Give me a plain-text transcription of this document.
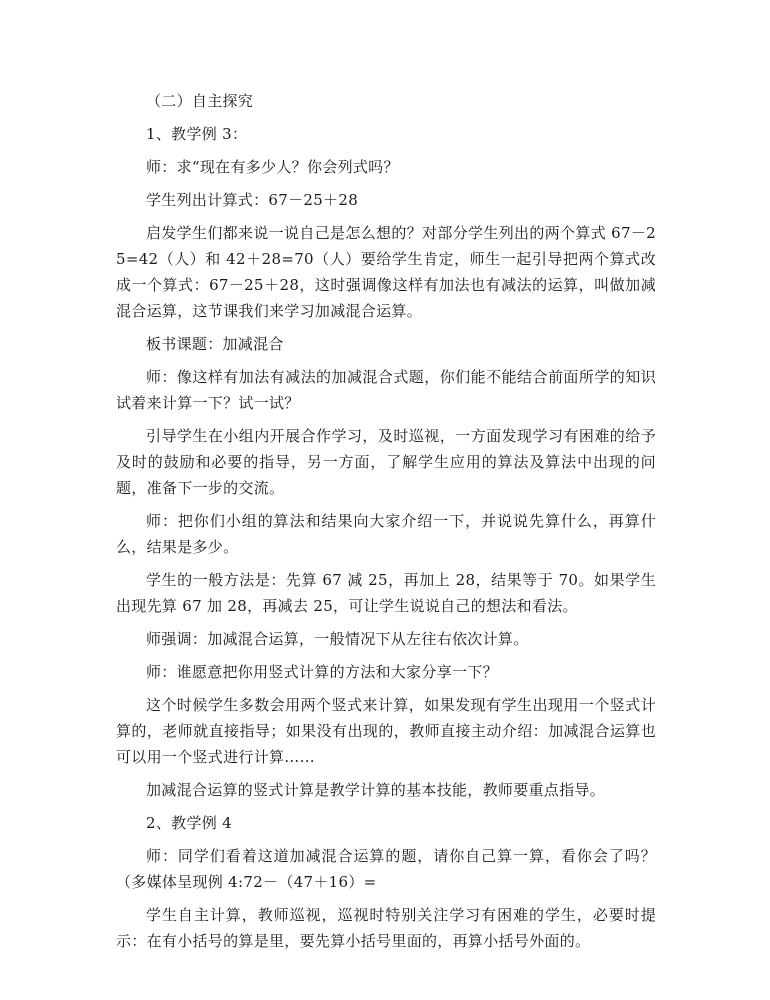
（二）自主探究

1、教学例 3：

师：求“现在有多少人？你会列式吗？

学生列出计算式：67－25＋28

启发学生们都来说一说自己是怎么想的？对部分学生列出的两个算式 67－25=42（人）和 42＋28=70（人）要给学生肯定，师生一起引导把两个算式改成一个算式：67－25＋28，这时强调像这样有加法也有减法的运算，叫做加减混合运算，这节课我们来学习加减混合运算。

板书课题：加减混合

师：像这样有加法有减法的加减混合式题，你们能不能结合前面所学的知识试着来计算一下？试一试？

引导学生在小组内开展合作学习，及时巡视，一方面发现学习有困难的给予及时的鼓励和必要的指导，另一方面，了解学生应用的算法及算法中出现的问题，准备下一步的交流。

师：把你们小组的算法和结果向大家介绍一下，并说说先算什么，再算什么，结果是多少。

学生的一般方法是：先算 67 减 25，再加上 28，结果等于 70。如果学生出现先算 67 加 28，再减去 25，可让学生说说自己的想法和看法。

师强调：加减混合运算，一般情况下从左往右依次计算。

师：谁愿意把你用竖式计算的方法和大家分享一下？

这个时候学生多数会用两个竖式来计算，如果发现有学生出现用一个竖式计算的，老师就直接指导；如果没有出现的，教师直接主动介绍：加减混合运算也可以用一个竖式进行计算……

加减混合运算的竖式计算是教学计算的基本技能，教师要重点指导。

2、教学例 4

师：同学们看着这道加减混合运算的题，请你自己算一算，看你会了吗？（多媒体呈现例 4:72－（47＋16）=

学生自主计算，教师巡视，巡视时特别关注学习有困难的学生，必要时提示：在有小括号的算是里，要先算小括号里面的，再算小括号外面的。
